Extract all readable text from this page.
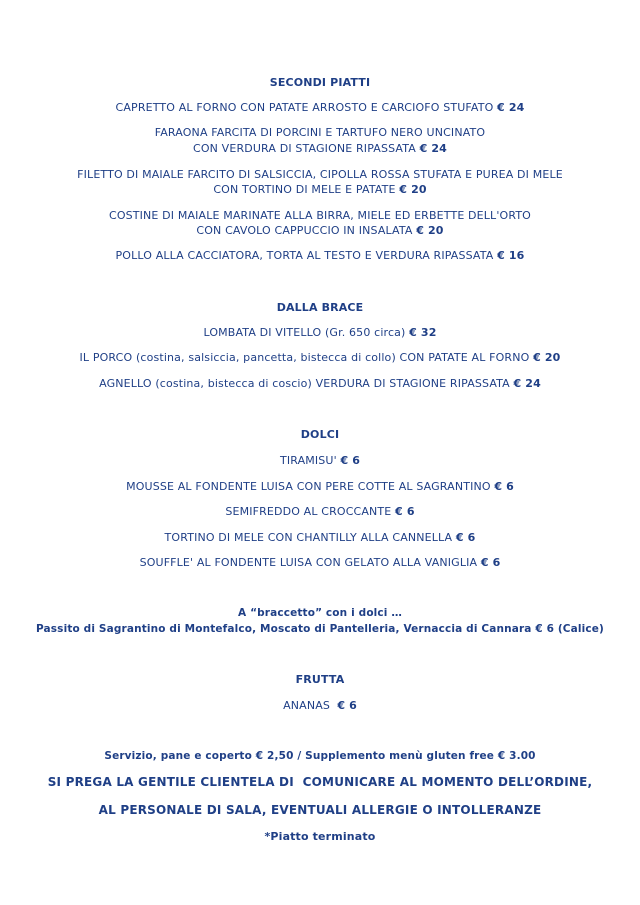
SECONDI PIATTI
CAPRETTO AL FORNO CON PATATE ARROSTO E CARCIOFO STUFATO € 24
FARAONA FARCITA DI PORCINI E TARTUFO NERO UNCINATO
CON VERDURA DI STAGIONE RIPASSATA € 24
FILETTO DI MAIALE FARCITO DI SALSICCIA, CIPOLLA ROSSA STUFATA E PUREA DI MELE
CON TORTINO DI MELE E PATATE € 20
COSTINE DI MAIALE MARINATE ALLA BIRRA, MIELE ED ERBETTE DELL'ORTO
CON CAVOLO CAPPUCCIO IN INSALATA € 20
POLLO ALLA CACCIATORA, TORTA AL TESTO E VERDURA RIPASSATA € 16
DALLA BRACE
LOMBATA DI VITELLO (Gr. 650 circa) € 32
IL PORCO (costina, salsiccia, pancetta, bistecca di collo) CON PATATE AL FORNO € 20
AGNELLO (costina, bistecca di coscio) VERDURA DI STAGIONE RIPASSATA € 24
DOLCI
TIRAMISU' € 6
MOUSSE AL FONDENTE LUISA CON PERE COTTE AL SAGRANTINO € 6
SEMIFREDDO AL CROCCANTE € 6
TORTINO DI MELE CON CHANTILLY ALLA CANNELLA € 6
SOUFFLE' AL FONDENTE LUISA CON GELATO ALLA VANIGLIA € 6
A “braccetto” con i dolci …
Passito di Sagrantino di Montefalco, Moscato di Pantelleria, Vernaccia di Cannara € 6 (Calice)
FRUTTA
ANANAS  € 6
Servizio, pane e coperto € 2,50 / Supplemento menù gluten free € 3.00
SI PREGA LA GENTILE CLIENTELA DI  COMUNICARE AL MOMENTO DELL’ORDINE,
AL PERSONALE DI SALA, EVENTUALI ALLERGIE O INTOLLERANZE
*Piatto terminato
